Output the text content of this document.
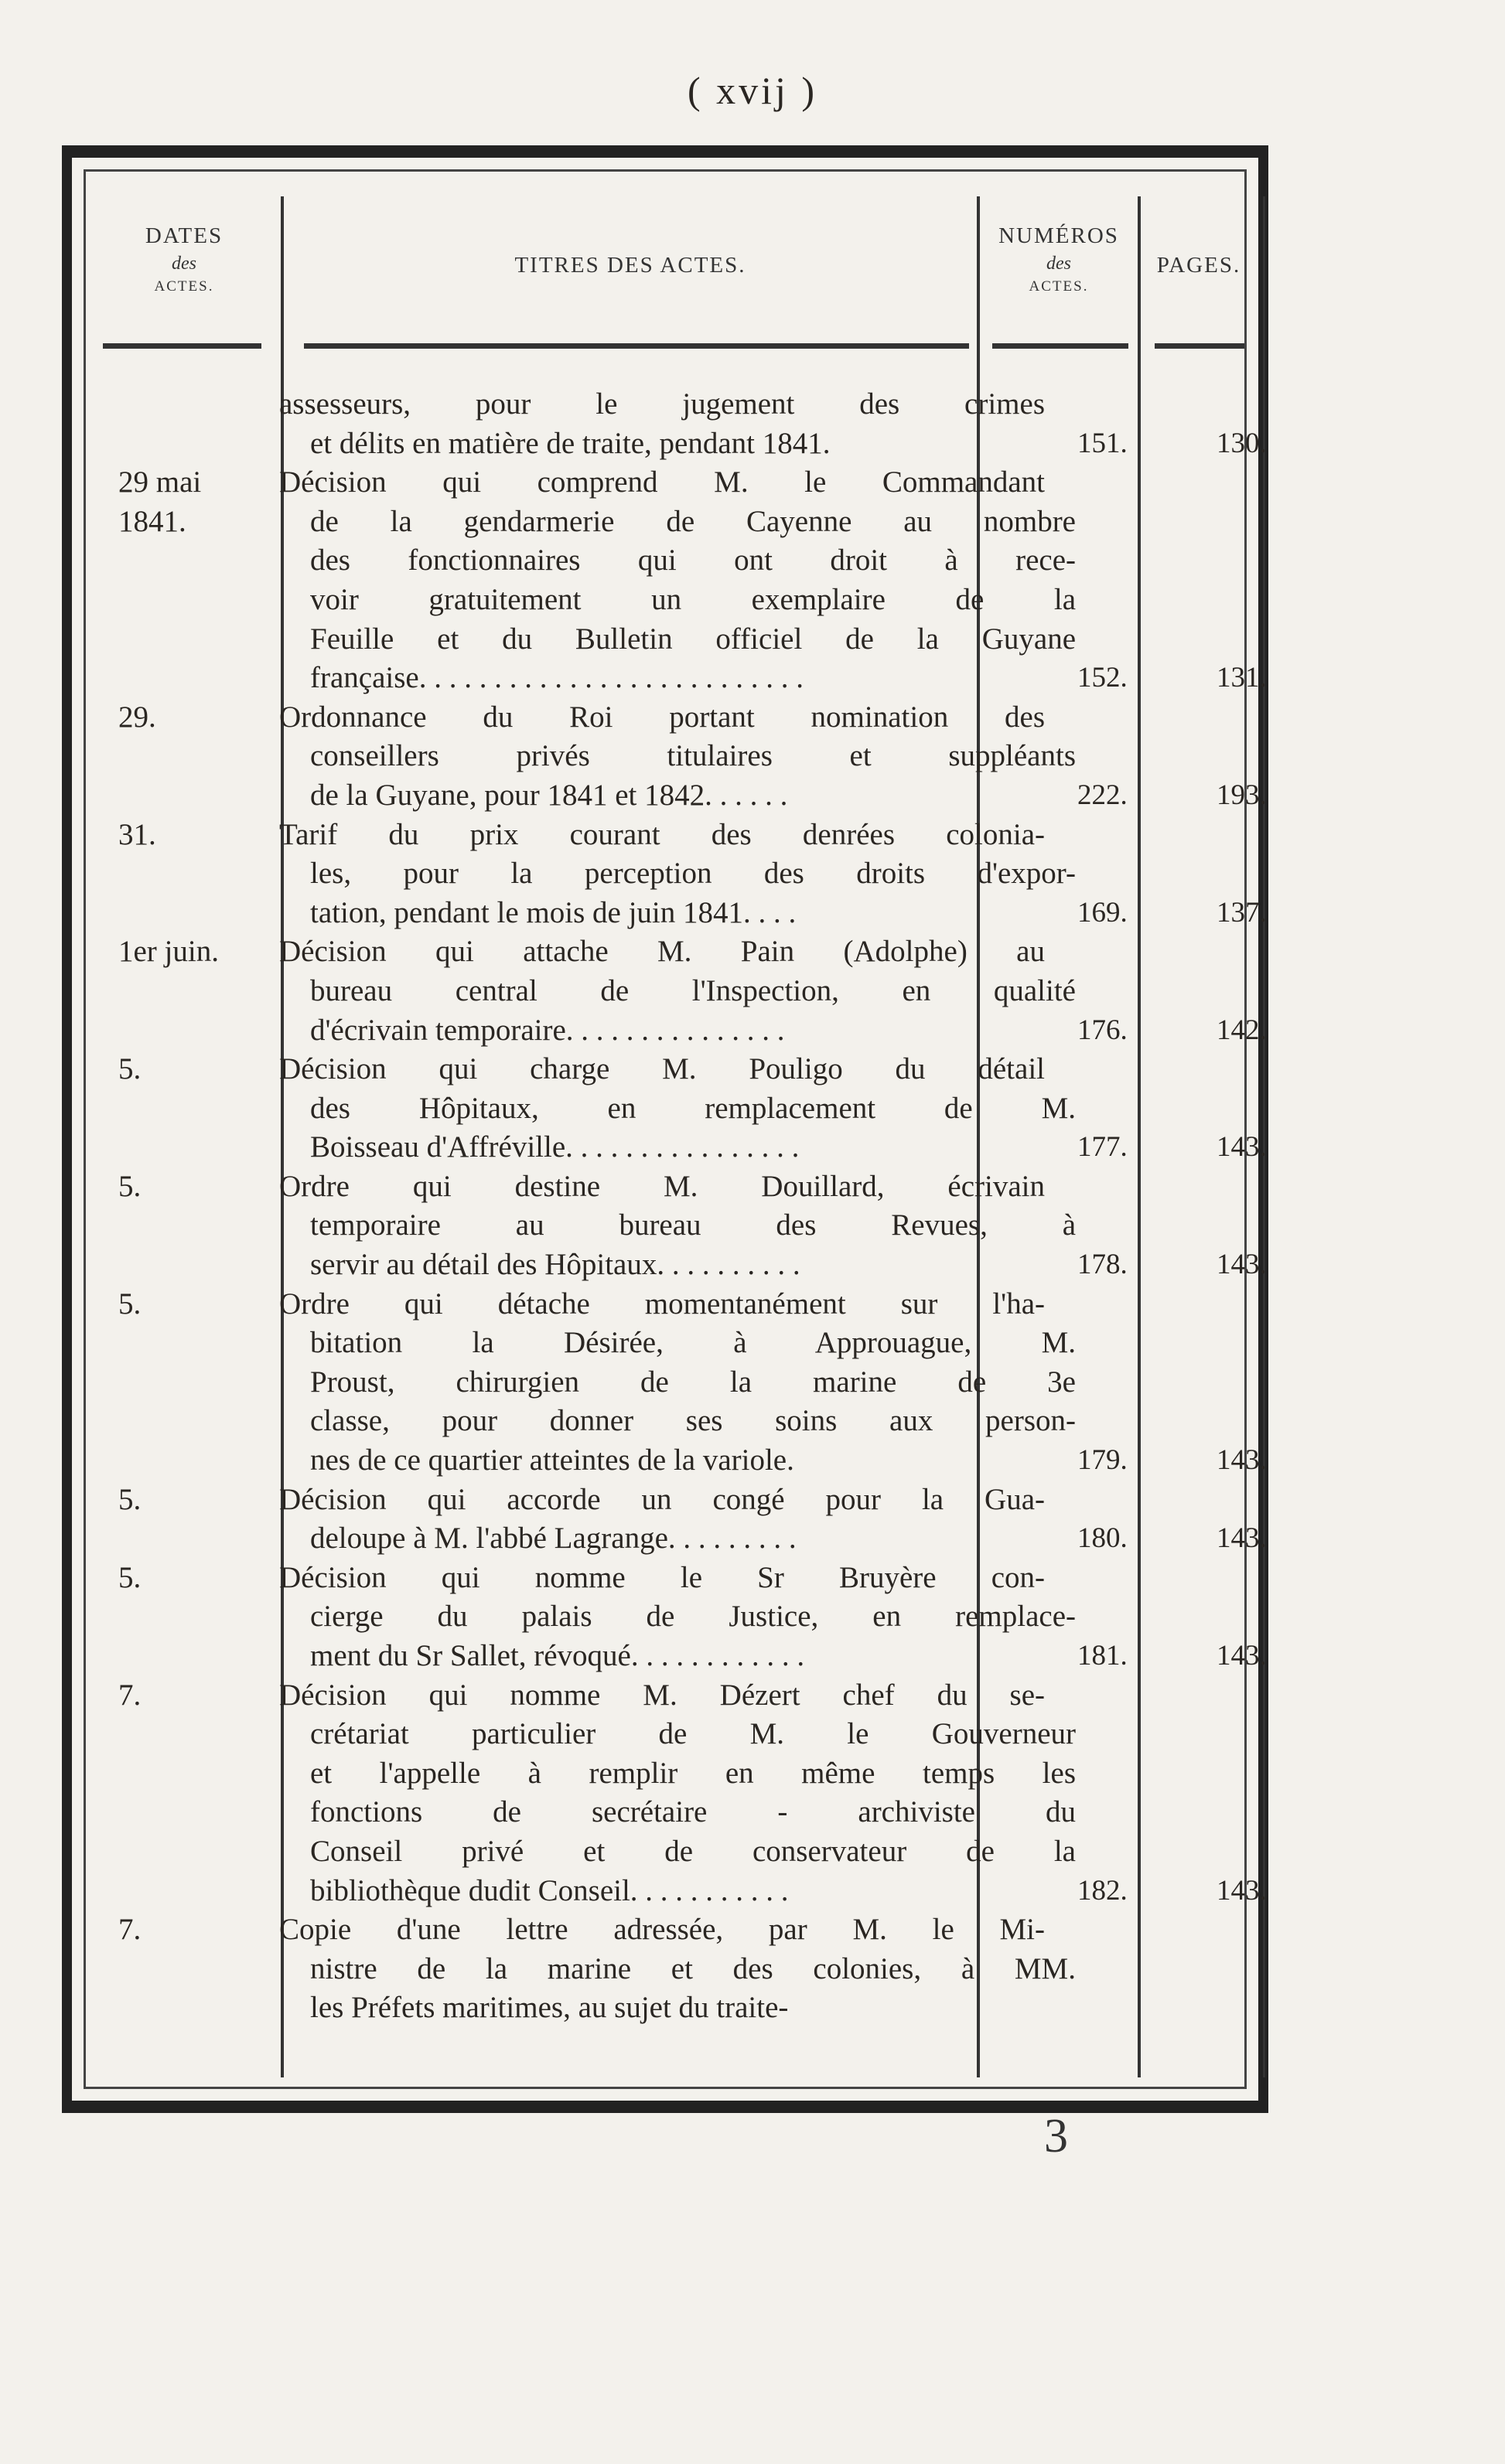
( xvij )
DATES
des
ACTES.
TITRES DES ACTES.
NUMÉROS
des
ACTES.
PAGES.
assesseurs, pour le jugement des crimes
et délits en matière de traite, pendant 1841.	151.	130.
29 mai
1841.
Décision qui comprend M. le Commandant
de la gendarmerie de Cayenne au nombre
des fonctionnaires qui ont droit à rece-
voir gratuitement un exemplaire de la
Feuille et du Bulletin officiel de la Guyane
française. . . . . . . . . . . . . . . . . . . . . . . . . .	152.	131.
29.	Ordonnance du Roi portant nomination des
conseillers privés titulaires et suppléants
de la Guyane, pour 1841 et 1842. . . . . .	222.	193.
31.	Tarif du prix courant des denrées colonia-
les, pour la perception des droits d'expor-
tation, pendant le mois de juin 1841. . . .	169.	137.
1er juin.	Décision qui attache M. Pain (Adolphe) au
bureau central de l'Inspection, en qualité
d'écrivain temporaire. . . . . . . . . . . . . . .	176.	142.
5.	Décision qui charge M. Pouligo du détail
des Hôpitaux, en remplacement de M.
Boisseau d'Affréville. . . . . . . . . . . . . . . .	177.	143.
5.	Ordre qui destine M. Douillard, écrivain
temporaire au bureau des Revues, à
servir au détail des Hôpitaux. . . . . . . . . .	178.	143.
5.	Ordre qui détache momentanément sur l'ha-
bitation la Désirée, à Approuague, M.
Proust, chirurgien de la marine de 3e
classe, pour donner ses soins aux person-
nes de ce quartier atteintes de la variole.	179.	143.
5.	Décision qui accorde un congé pour la Gua-
deloupe à M. l'abbé Lagrange. . . . . . . . .	180.	143.
5.	Décision qui nomme le Sr Bruyère con-
cierge du palais de Justice, en remplace-
ment du Sr Sallet, révoqué. . . . . . . . . . . .	181.	143.
7.	Décision qui nomme M. Dézert chef du se-
crétariat particulier de M. le Gouverneur
et l'appelle à remplir en même temps les
fonctions de secrétaire - archiviste du
Conseil privé et de conservateur de la
bibliothèque dudit Conseil. . . . . . . . . . .	182.	143.
7.	Copie d'une lettre adressée, par M. le Mi-
nistre de la marine et des colonies, à MM.
les Préfets maritimes, au sujet du traite-
3
